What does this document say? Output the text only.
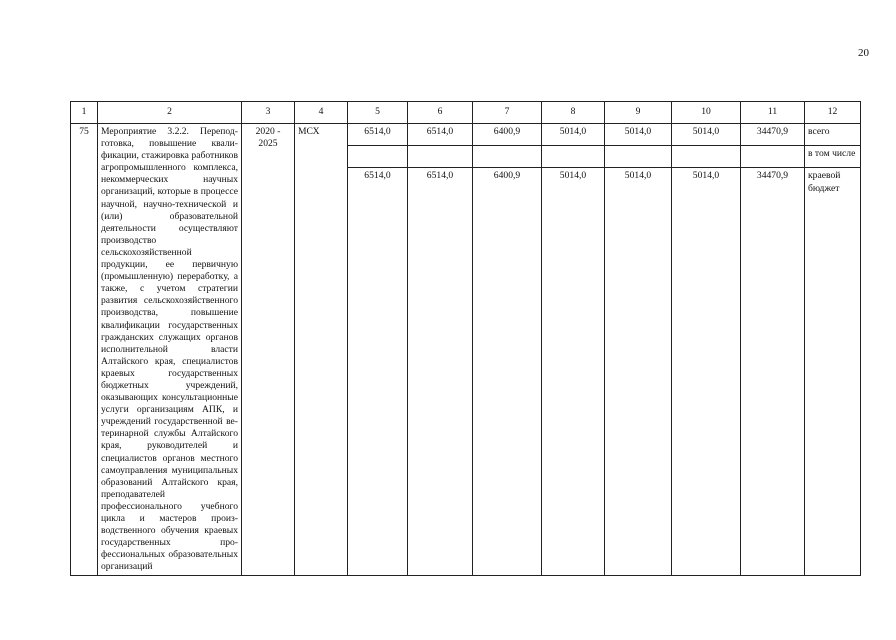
20
1	2	3	4	5	6	7	8	9	10	11	12
75	Мероприятие 3.2.2. Переподготовка, повышение квалификации, стажировка работников агропромышленного комплекса, некоммерческих научных организаций, которые в процессе научной, научно-технической и (или) образовательной деятельности осуществляют производство сельскохозяйственной продукции, ее первичную (промышленную) переработку, а также, с учетом стратегии развития сельскохозяйственного производства, повышение квалификации государственных гражданских служащих органов исполнительной власти Алтайского края, специалистов краевых государственных бюджетных учреждений, оказывающих консультационные услуги организациям АПК, и учреждений государственной ветеринарной службы Алтайского края, руководителей и специалистов органов местного самоуправления муниципальных образований Алтайского края, преподавателей профессионального учебного цикла и мастеров производственного обучения краевых государственных профессиональных образовательных организаций	2020 - 2025	МСХ	6514,0	6514,0	6400,9	5014,0	5014,0	5014,0	34470,9	всего
											в том числе
				6514,0	6514,0	6400,9	5014,0	5014,0	5014,0	34470,9	краевой бюджет
